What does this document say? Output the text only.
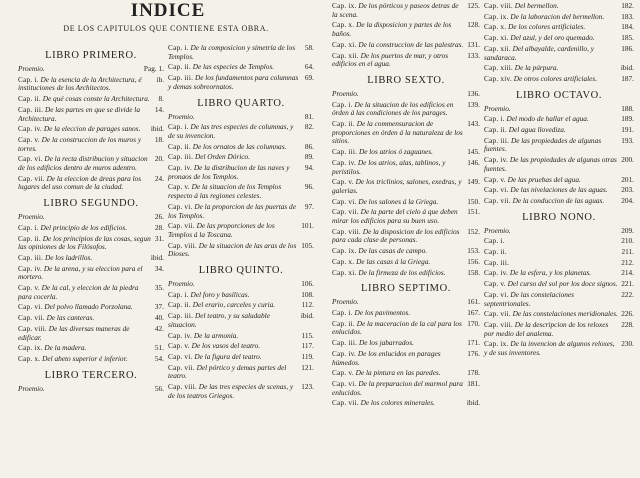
INDICE
DE LOS CAPITULOS QUE CONTIENE ESTA OBRA.
LIBRO PRIMERO.
Proemio.	Pag. 1.
Cap. i. De la esencia de la Architectura, é instituciones de los Architectos.
ib.
Cap. ii. De qué cosas conste la Architectura.	8.
Cap. iii. De las partes en que se divide la Architectura.
14.
Cap. iv. De la eleccion de parages sanos.	ibid.
Cap. v. De la construccion de los muros y torres.
18.
Cap. vi. De la recta distribucion y situacion de los edificios dentro de muros adentro.
20.
Cap. vii. De la eleccion de áreas para los lugares del uso comun de la ciudad.
24.
LIBRO SEGUNDO.
Proemio.	26.
Cap. i. Del principio de los edificios.	28.
Cap. ii. De los principios de las cosas, segun las opiniones de los Filósofos.
31.
Cap. iii. De los ladrillos.	ibid.
Cap. iv. De la arena, y su eleccion para el mortero.
34.
Cap. v. De la cal, y eleccion de la piedra para cocerla.
35.
Cap. vi. Del polvo llamado Porzolana.	37.
Cap. vii. De las canteras.	40.
Cap. viii. De las diversas maneras de edificar.
42.
Cap. ix. De la madera.	51.
Cap. x. Del abeto superior é inferior.	54.
LIBRO TERCERO.
Proemio.	56.
Cap. i. De la composicion y simetría de los Templos.
58.
Cap. ii. De las especies de Templos.	64.
Cap. iii. De los fundamentos para columnas y demas sobreornatos.
69.
LIBRO QUARTO.
Proemio.	81.
Cap. i. De las tres especies de columnas, y de su invencion.
82.
Cap. ii. De los ornatos de las columnas.	86.
Cap. iii. Del Orden Dórico.	89.
Cap. iv. De la distribucion de las naves y pronaos de los Templos.
94.
Cap. v. De la situacion de los Templos respecto á las regiones celestes.
96.
Cap. vi. De la proporcion de las puertas de los Templos.
97.
Cap. vii. De las proporciones de los Templos á la Toscana.
101.
Cap. viii. De la situacion de las aras de los Dioses.
105.
LIBRO QUINTO.
Proemio.	106.
Cap. i. Del foro y basílicas.	108.
Cap. ii. Del erario, carceles y curia.	112.
Cap. iii. Del teatro, y su saludable situacion.
ibid.
Cap. iv. De la armonía.	115.
Cap. v. De los vasos del teatro.	117.
Cap. vi. De la figura del teatro.	119.
Cap. vii. Del pórtico y demas partes del teatro.
121.
Cap. viii. De las tres especies de scenas, y de los teatros Griegos.
123.
Cap. ix. De los pórticos y paseos detras de la scena.
125.
Cap. x. De la disposicion y partes de los baños.
128.
Cap. xi. De la construccion de las palestras. 131.
Cap. xii. De los puertos de mar, y otros edificios en el agua.
133.
LIBRO SEXTO.
Proemio.	136.
Cap. i. De la situacion de los edificios en órden á las condiciones de los parages.
139.
Cap. ii. De la commensuracion de proporciones en órden á la naturaleza de los sitios.
143.
Cap. iii. De los atrios ó zaguanes.	145.
Cap. iv. De los atrios, alas, tablinos, y peristilos.
146.
Cap. v. De los triclinios, salones, exedras, y galerias.
149.
Cap. vi. De los salones á la Griega.	150.
Cap. vii. De la parte del cielo á que deben mirar los edificios para su buen uso.
151.
Cap. viii. De la disposicion de los edificios para cada clase de personas.
152.
Cap. ix. De las casas de campo.	153.
Cap. x. De las casas á la Griega.	156.
Cap. xi. De la firmeza de los edificios.	158.
LIBRO SEPTIMO.
Proemio.	161.
Cap. i. De los pavimentos.	167.
Cap. ii. De la maceracion de la cal para los enlucidos.
170.
Cap. iii. De los jabarrados.	171.
Cap. iv. De los enlucidos en parages húmedos.
176.
Cap. v. De la pintura en las paredes.	178.
Cap. vi. De la preparacion del marmol para enlucidos.
181.
Cap. vii. De los colores minerales.	ibid.
Cap. viii. Del bermellon.	182.
Cap. ix. De la laboracion del bermellon.	183.
Cap. x. De los colores artificiales.	184.
Cap. xi. Del azul, y del oro quemado.	185.
Cap. xii. Del albayalde, cardenillo, y sandaraca.
186.
Cap. xiii. De la púrpura.	ibid.
Cap. xiv. De otros colores artificiales.	187.
LIBRO OCTAVO.
Proemio.	188.
Cap. i. Del modo de hallar el agua.	189.
Cap. ii. Del agua llovediza.	191.
Cap. iii. De las propiedades de algunas fuentes.
193.
Cap. iv. De las propiedades de algunas otras fuentes.
200.
Cap. v. De las pruebas del agua.	201.
Cap. vi. De las nivelaciones de las aguas.	203.
Cap. vii. De la conduccion de las aguas.	204.
LIBRO NONO.
Proemio.	209.
Cap. i.	210.
Cap. ii.	211.
Cap. iii.	212.
Cap. iv. De la esfera, y los planetas.	214.
Cap. v. Del curso del sol por los doce signos. 221.
Cap. vi. De las constelaciones septentrionales.
222.
Cap. vii. De las constelaciones meridionales. 226.
Cap. viii. De la descripcion de los reloxes por medio del analema.
228.
Cap. ix. De la invencion de algunos reloxes, y de sus inventores.
230.
